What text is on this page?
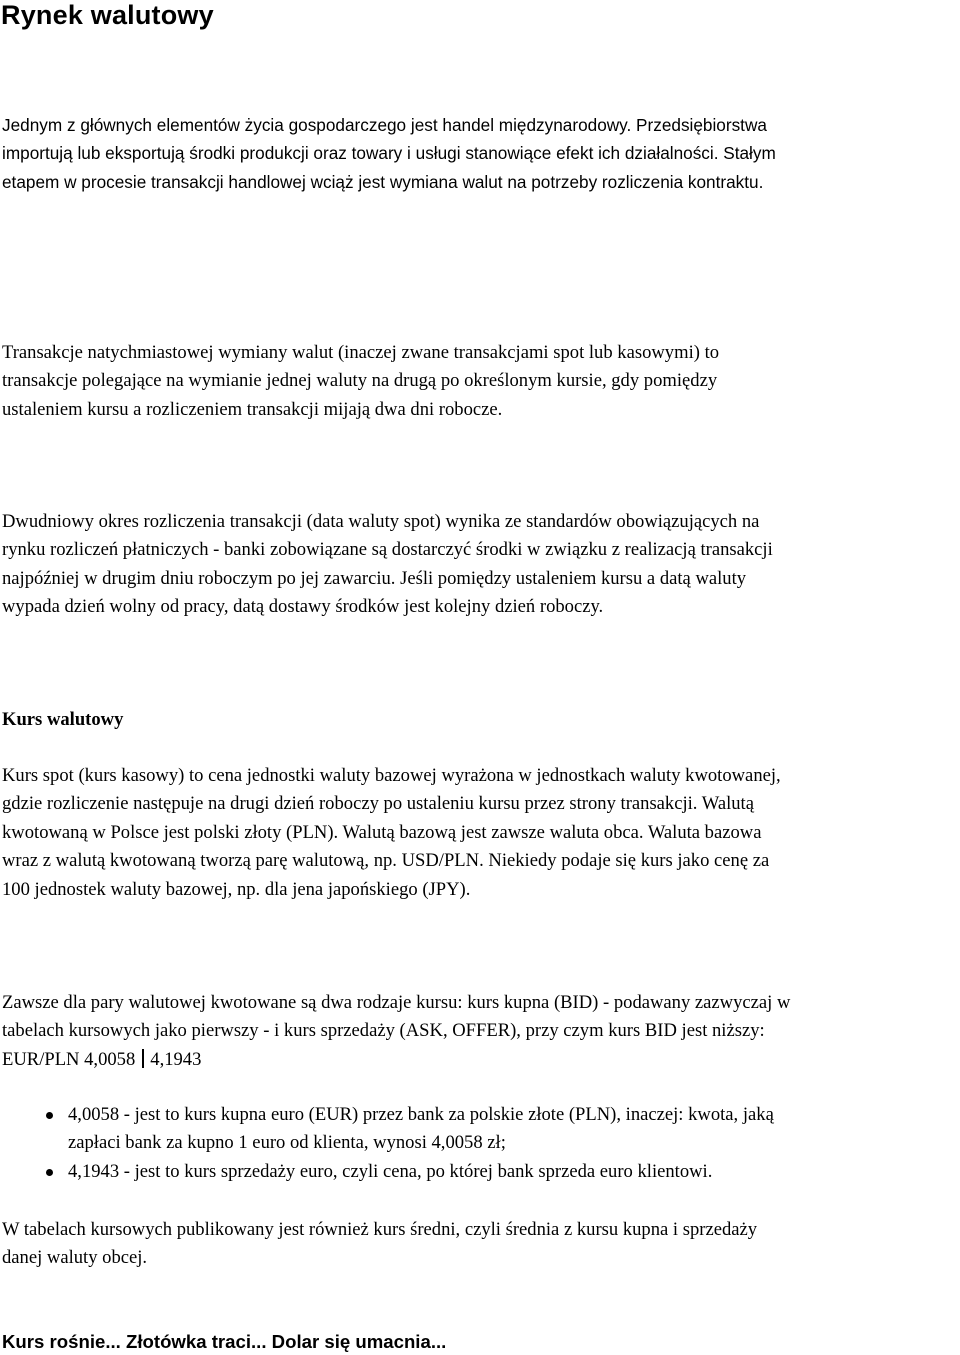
Rynek walutowy

Jednym z głównych elementów życia gospodarczego jest handel międzynarodowy. Przedsiębiorstwa
importują lub eksportują środki produkcji oraz towary i usługi stanowiące efekt ich działalności. Stałym
etapem w procesie transakcji handlowej wciąż jest wymiana walut na potrzeby rozliczenia kontraktu.

Transakcje natychmiastowej wymiany walut (inaczej zwane transakcjami spot lub kasowymi) to
transakcje polegające na wymianie jednej waluty na drugą po określonym kursie, gdy pomiędzy
ustaleniem kursu a rozliczeniem transakcji mijają dwa dni robocze.

Dwudniowy okres rozliczenia transakcji (data waluty spot) wynika ze standardów obowiązujących na
rynku rozliczeń płatniczych - banki zobowiązane są dostarczyć środki w związku z realizacją transakcji
najpóźniej w drugim dniu roboczym po jej zawarciu. Jeśli pomiędzy ustaleniem kursu a datą waluty
wypada dzień wolny od pracy, datą dostawy środków jest kolejny dzień roboczy.

Kurs walutowy

Kurs spot (kurs kasowy) to cena jednostki waluty bazowej wyrażona w jednostkach waluty kwotowanej,
gdzie rozliczenie następuje na drugi dzień roboczy po ustaleniu kursu przez strony transakcji. Walutą
kwotowaną w Polsce jest polski złoty (PLN). Walutą bazową jest zawsze waluta obca. Waluta bazowa
wraz z walutą kwotowaną tworzą parę walutową, np. USD/PLN. Niekiedy podaje się kurs jako cenę za
100 jednostek waluty bazowej, np. dla jena japońskiego (JPY).

Zawsze dla pary walutowej kwotowane są dwa rodzaje kursu: kurs kupna (BID) - podawany zazwyczaj w
tabelach kursowych jako pierwszy - i kurs sprzedaży (ASK, OFFER), przy czym kurs BID jest niższy:
EUR/PLN 4,0058 4,1943

4,0058 - jest to kurs kupna euro (EUR) przez bank za polskie złote (PLN), inaczej: kwota, jaką
zapłaci bank za kupno 1 euro od klienta, wynosi 4,0058 zł;
4,1943 - jest to kurs sprzedaży euro, czyli cena, po której bank sprzeda euro klientowi.

W tabelach kursowych publikowany jest również kurs średni, czyli średnia z kursu kupna i sprzedaży
danej waluty obcej.

Kurs rośnie... Złotówka traci... Dolar się umacnia...
